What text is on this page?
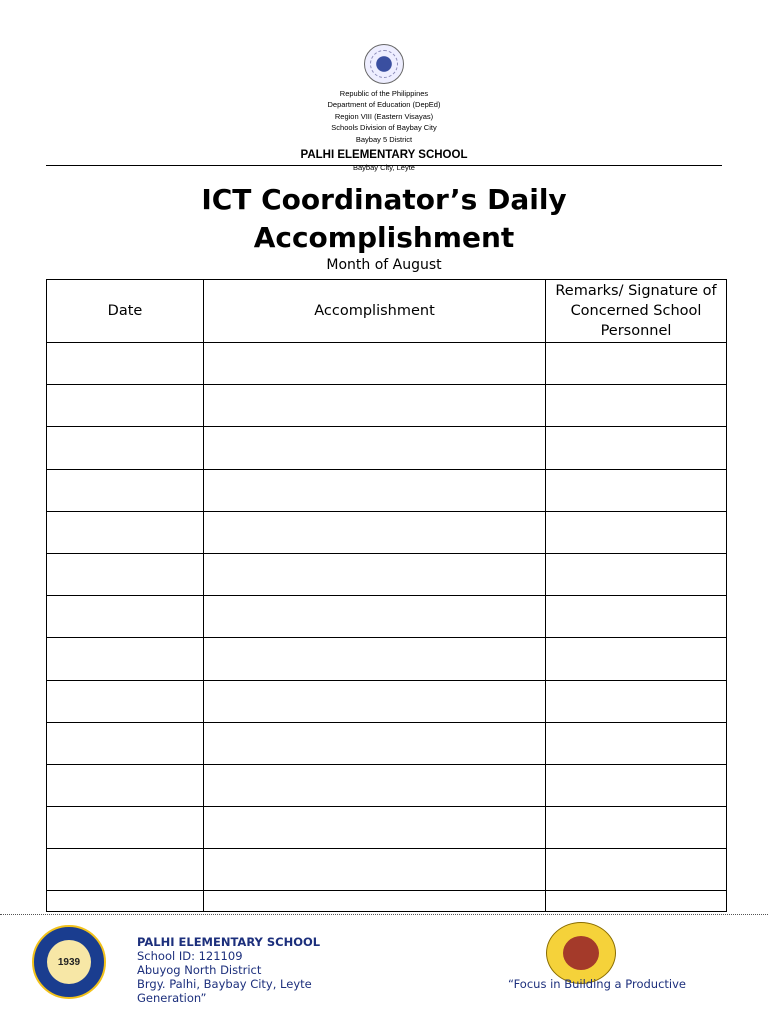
Republic of the Philippines
Department of Education (DepEd)
Region VIII (Eastern Visayas)
Schools Division of Baybay City
Baybay 5 District
PALHI ELEMENTARY SCHOOL
Baybay City, Leyte
ICT Coordinator’s Daily
Accomplishment
Month of August
Date	Accomplishment	Remarks/ Signature of Concerned School Personnel

1939
PALHI ELEMENTARY SCHOOL
School ID: 121109
Abuyog North District
Brgy. Palhi, Baybay City, Leyte
Generation”
“Focus in Building a Productive
